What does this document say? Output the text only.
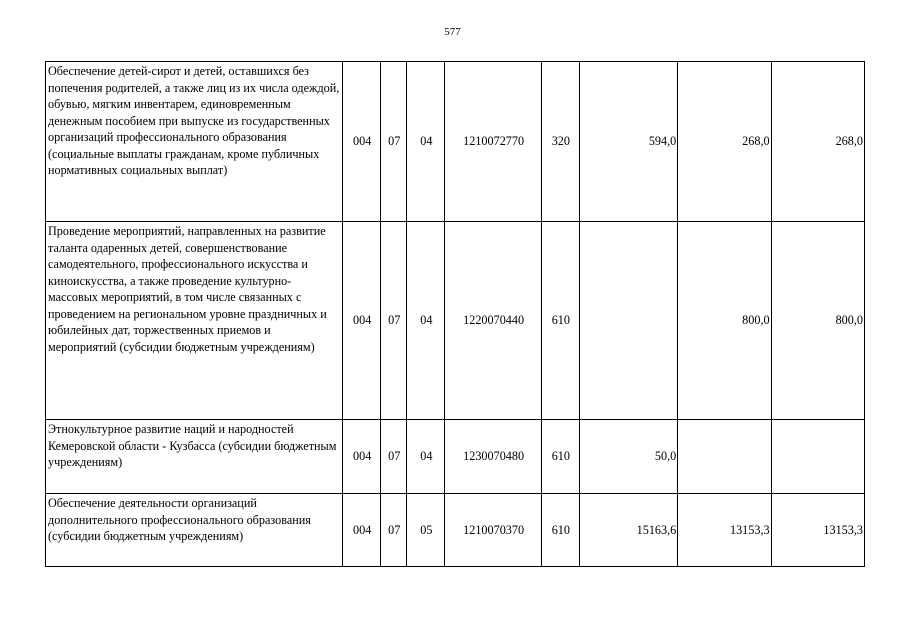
577
Обеспечение детей-сирот и детей, оставшихся без попечения родителей, а также лиц из их числа одеждой, обувью, мягким инвентарем, единовременным денежным пособием при выпуске из государственных организаций профессионального образования (социальные выплаты гражданам, кроме публичных нормативных социальных выплат)	004	07	04	1210072770	320	594,0	268,0	268,0
Проведение мероприятий, направленных на развитие таланта одаренных детей, совершенствование самодеятельного, профессионального искусства и киноискусства, а также проведение культурно-массовых мероприятий, в том числе связанных с проведением на региональном уровне праздничных и юбилейных дат, торжественных приемов и мероприятий (субсидии бюджетным учреждениям)	004	07	04	1220070440	610		800,0	800,0
Этнокультурное развитие наций и народностей Кемеровской области - Кузбасса (субсидии бюджетным учреждениям)	004	07	04	1230070480	610	50,0		
Обеспечение деятельности организаций дополнительного профессионального образования (субсидии бюджетным учреждениям)	004	07	05	1210070370	610	15163,6	13153,3	13153,3
